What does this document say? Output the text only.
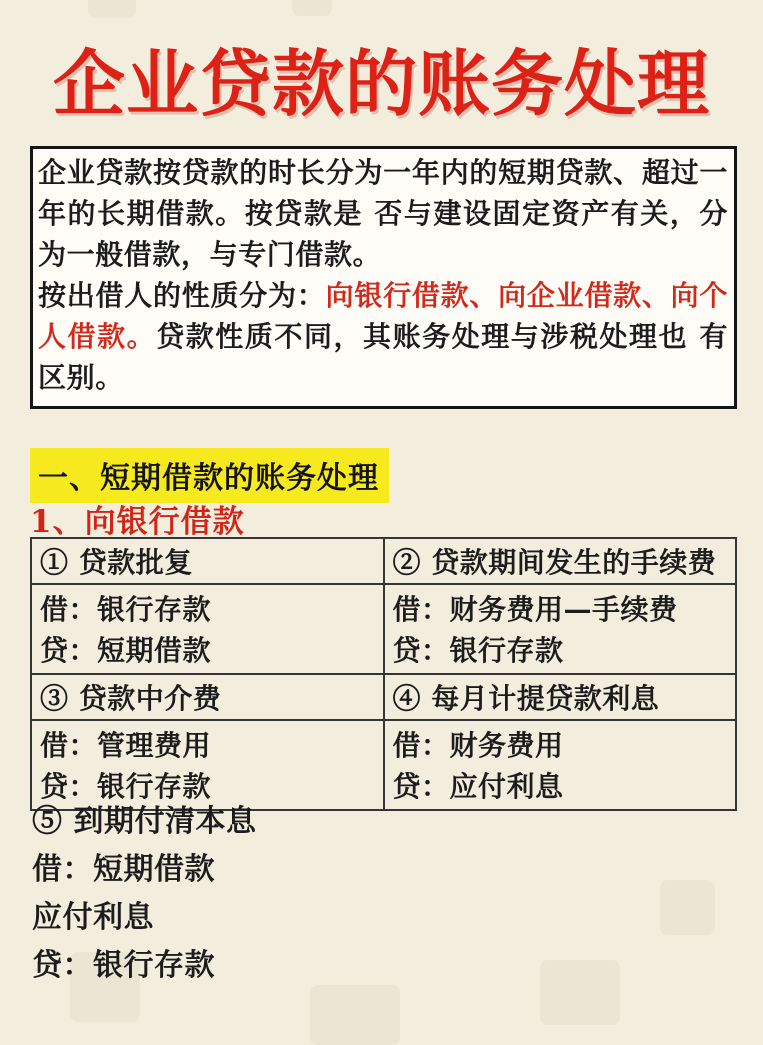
企业贷款的账务处理

企业贷款按贷款的时长分为一年内的短期贷款、超过一年的长期借款。按贷款是 否与建设固定资产有关，分为一般借款，与专门借款。

按出借人的性质分为：向银行借款、向企业借款、向个人借款。贷款性质不同，其账务处理与涉税处理也 有区别。

一、短期借款的账务处理
1、向银行借款
① 贷款批复	② 贷款期间发生的手续费

借：银行存款
贷：短期借款

借：财务费用—手续费
贷：银行存款

③ 贷款中介费	④ 每月计提贷款利息

借：管理费用
贷：银行存款

借：财务费用
贷：应付利息
⑤ 到期付清本息
借：短期借款
应付利息
贷：银行存款
